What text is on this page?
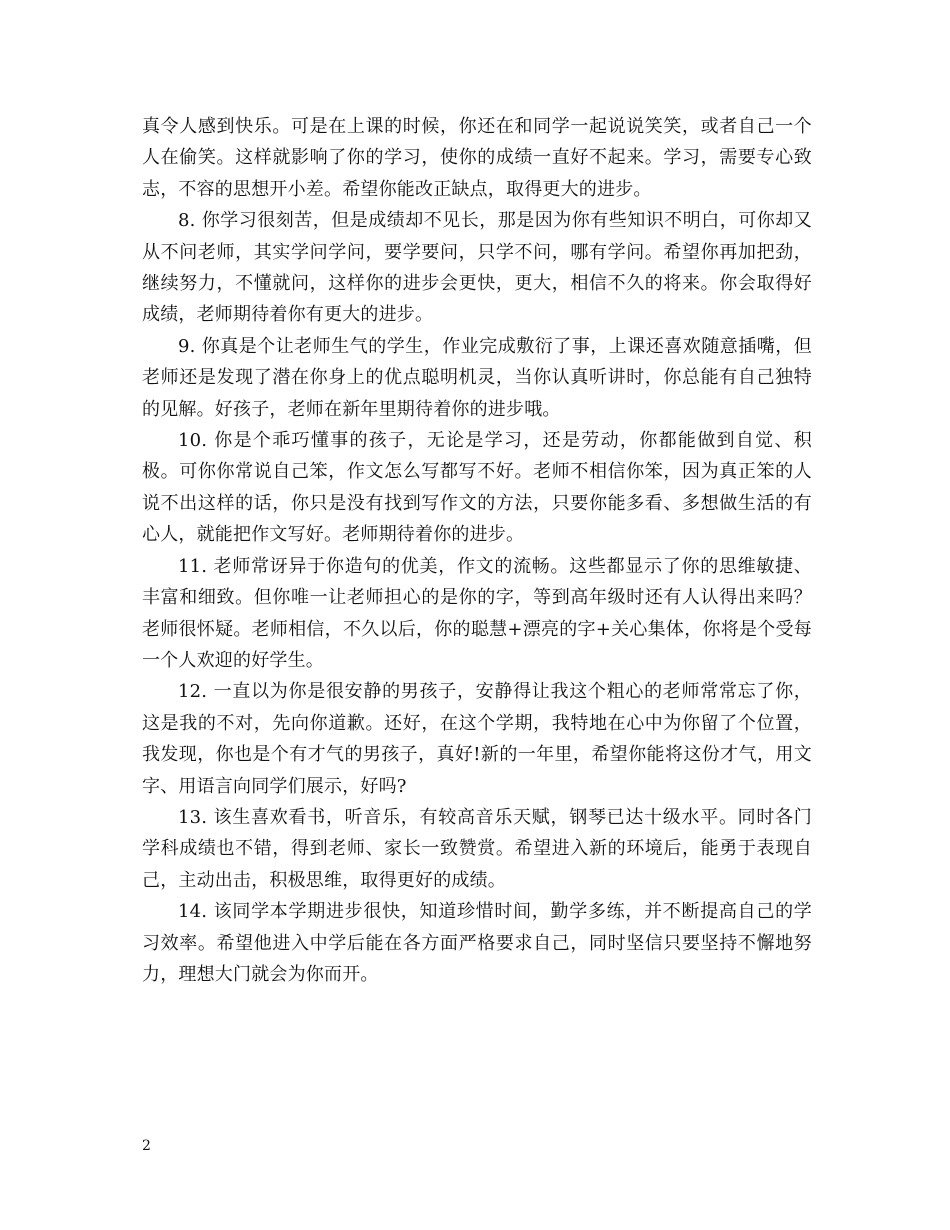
真令人感到快乐。可是在上课的时候，你还在和同学一起说说笑笑，或者自己一个人在偷笑。这样就影响了你的学习，使你的成绩一直好不起来。学习，需要专心致志，不容的思想开小差。希望你能改正缺点，取得更大的进步。

8. 你学习很刻苦，但是成绩却不见长，那是因为你有些知识不明白，可你却又从不问老师，其实学问学问，要学要问，只学不问，哪有学问。希望你再加把劲，继续努力，不懂就问，这样你的进步会更快，更大，相信不久的将来。你会取得好成绩，老师期待着你有更大的进步。

9. 你真是个让老师生气的学生，作业完成敷衍了事，上课还喜欢随意插嘴，但老师还是发现了潜在你身上的优点聪明机灵，当你认真听讲时，你总能有自己独特的见解。好孩子，老师在新年里期待着你的进步哦。

10. 你是个乖巧懂事的孩子，无论是学习，还是劳动，你都能做到自觉、积极。可你你常说自己笨，作文怎么写都写不好。老师不相信你笨，因为真正笨的人说不出这样的话，你只是没有找到写作文的方法，只要你能多看、多想做生活的有心人，就能把作文写好。老师期待着你的进步。

11. 老师常讶异于你造句的优美，作文的流畅。这些都显示了你的思维敏捷、丰富和细致。但你唯一让老师担心的是你的字，等到高年级时还有人认得出来吗？老师很怀疑。老师相信，不久以后，你的聪慧+漂亮的字+关心集体，你将是个受每一个人欢迎的好学生。

12. 一直以为你是很安静的男孩子，安静得让我这个粗心的老师常常忘了你，这是我的不对，先向你道歉。还好，在这个学期，我特地在心中为你留了个位置，我发现，你也是个有才气的男孩子，真好!新的一年里，希望你能将这份才气，用文字、用语言向同学们展示，好吗?

13. 该生喜欢看书，听音乐，有较高音乐天赋，钢琴已达十级水平。同时各门学科成绩也不错，得到老师、家长一致赞赏。希望进入新的环境后，能勇于表现自己，主动出击，积极思维，取得更好的成绩。

14. 该同学本学期进步很快，知道珍惜时间，勤学多练，并不断提高自己的学习效率。希望他进入中学后能在各方面严格要求自己，同时坚信只要坚持不懈地努力，理想大门就会为你而开。

2
